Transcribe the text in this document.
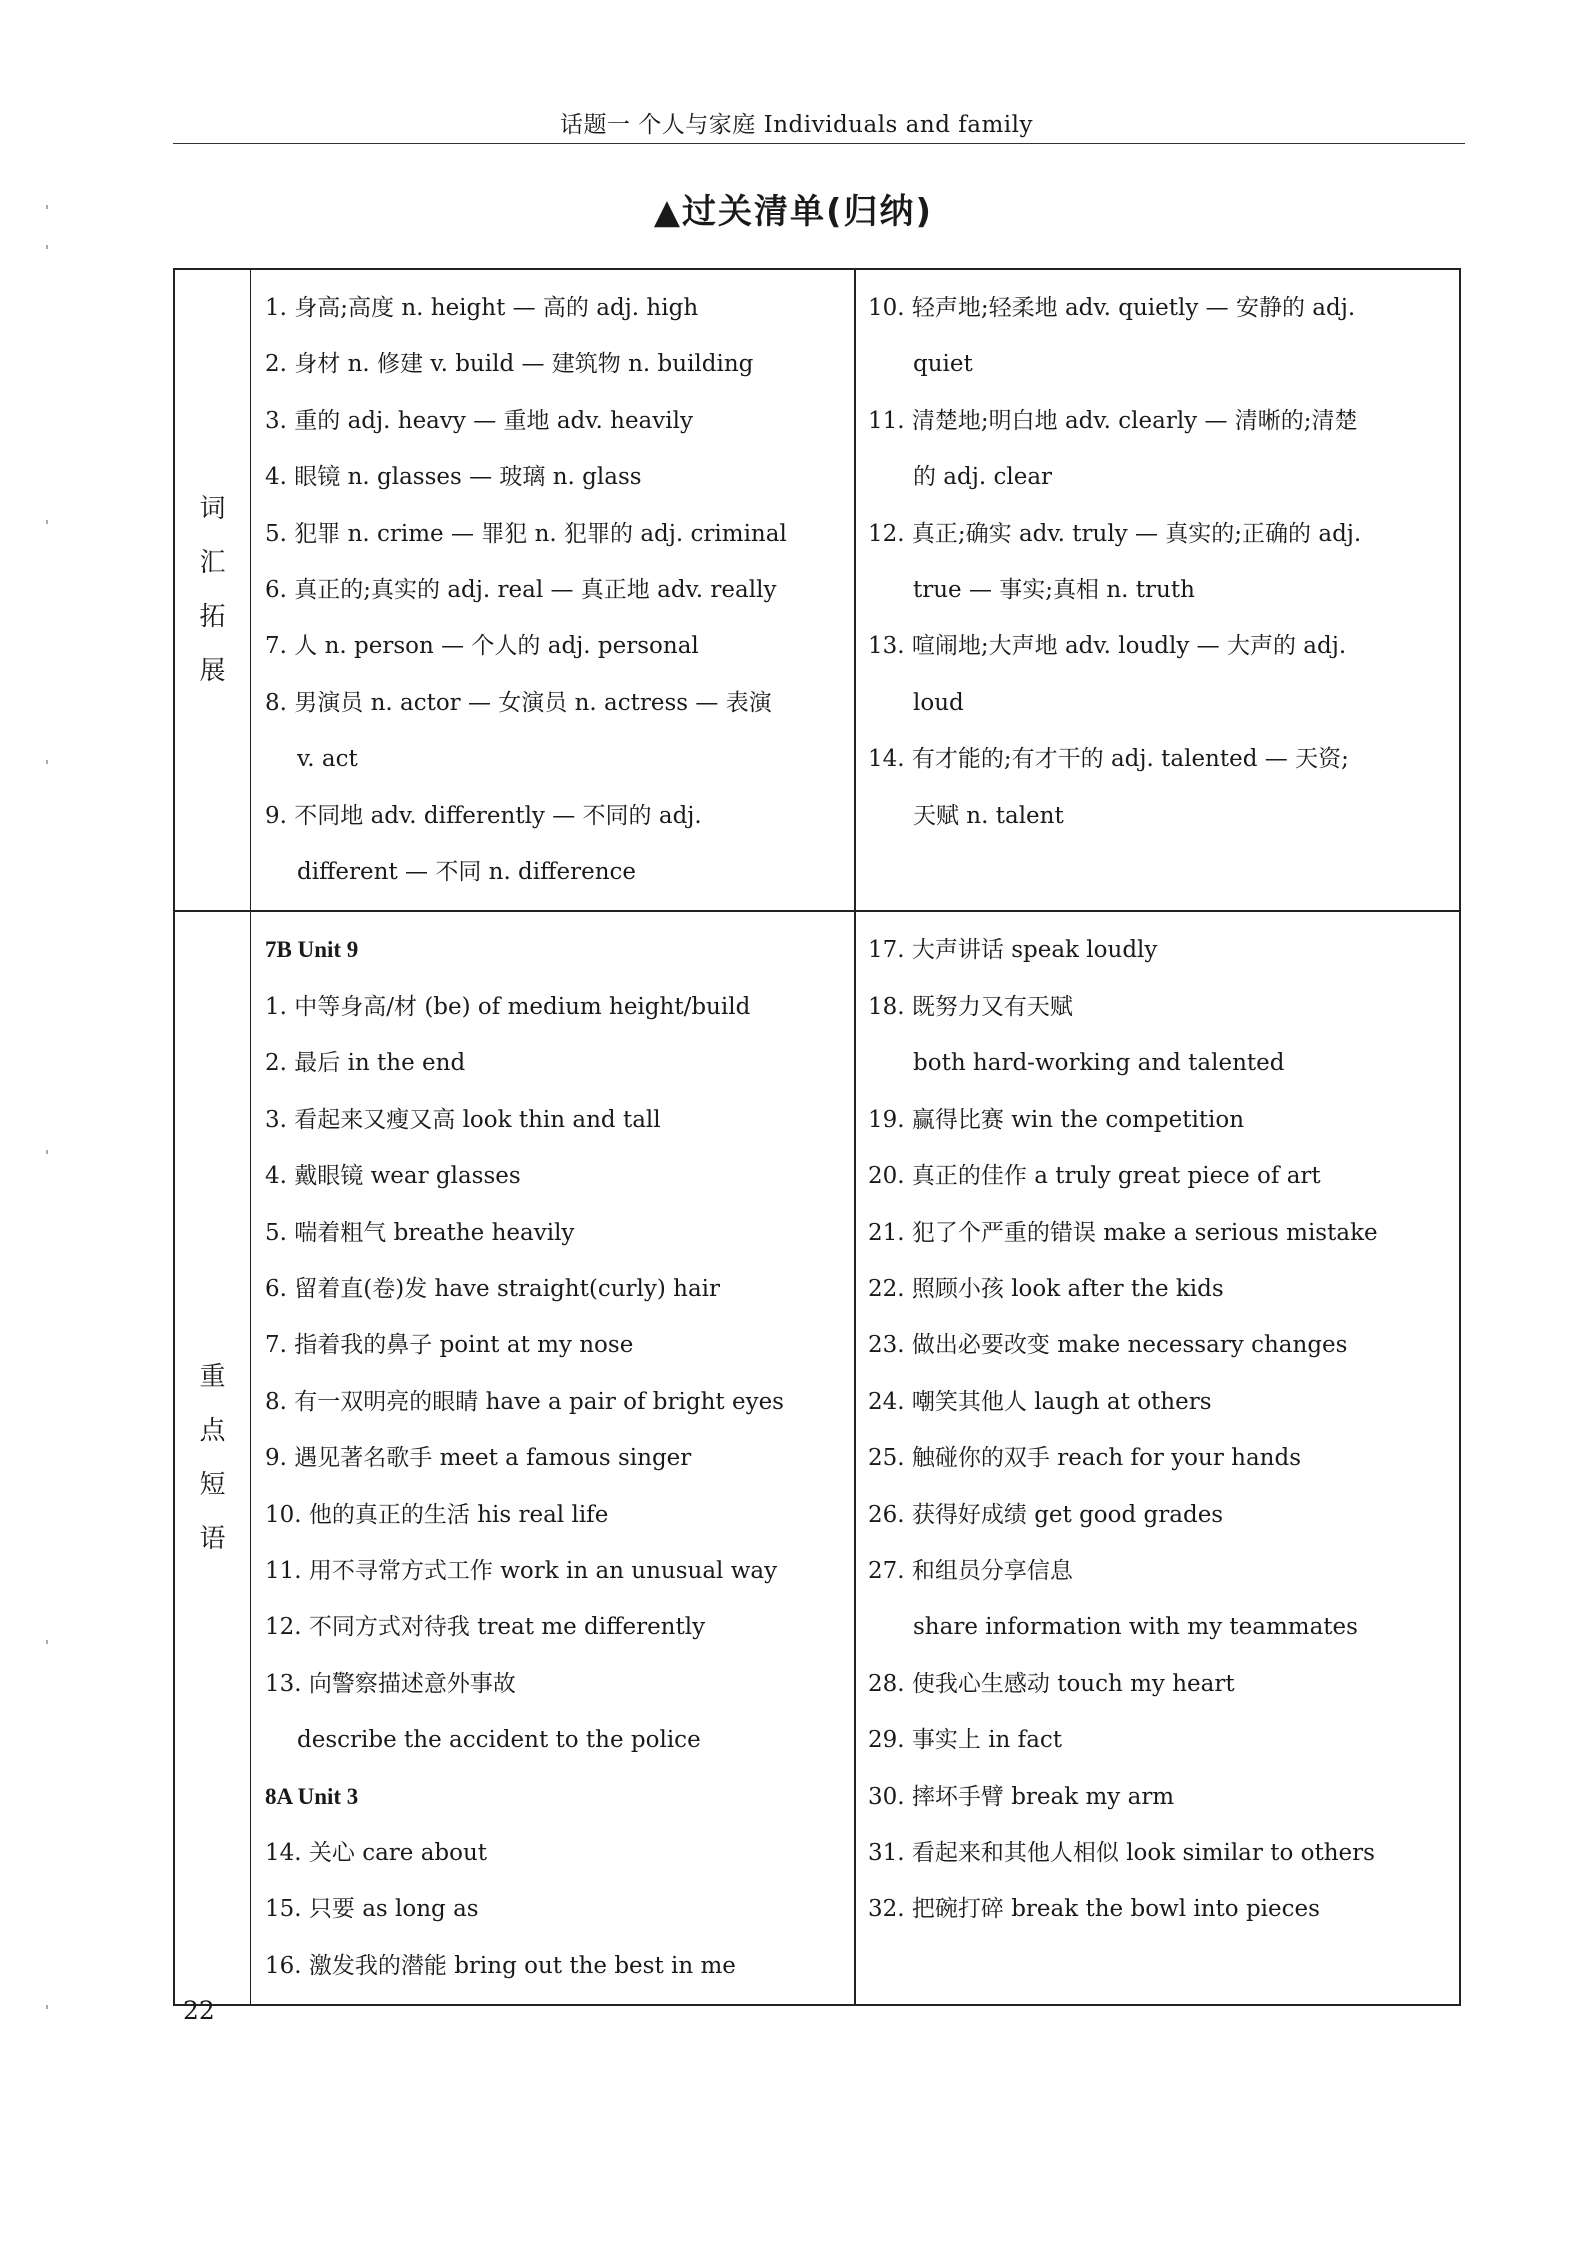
话题一 个人与家庭 Individuals and family
▲过关清单(归纳)
词
汇
拓
展
1. 身高;高度 n. height — 高的 adj. high
2. 身材 n. 修建 v. build — 建筑物 n. building
3. 重的 adj. heavy — 重地 adv. heavily
4. 眼镜 n. glasses — 玻璃 n. glass
5. 犯罪 n. crime — 罪犯 n. 犯罪的 adj. criminal
6. 真正的;真实的 adj. real — 真正地 adv. really
7. 人 n. person — 个人的 adj. personal
8. 男演员 n. actor — 女演员 n. actress — 表演
v. act
9. 不同地 adv. differently — 不同的 adj.
different — 不同 n. difference
10. 轻声地;轻柔地 adv. quietly — 安静的 adj.
quiet
11. 清楚地;明白地 adv. clearly — 清晰的;清楚
的 adj. clear
12. 真正;确实 adv. truly — 真实的;正确的 adj.
true — 事实;真相 n. truth
13. 喧闹地;大声地 adv. loudly — 大声的 adj.
loud
14. 有才能的;有才干的 adj. talented — 天资;
天赋 n. talent
重
点
短
语
7B Unit 9
1. 中等身高/材 (be) of medium height/build
2. 最后 in the end
3. 看起来又瘦又高 look thin and tall
4. 戴眼镜 wear glasses
5. 喘着粗气 breathe heavily
6. 留着直(卷)发 have straight(curly) hair
7. 指着我的鼻子 point at my nose
8. 有一双明亮的眼睛 have a pair of bright eyes
9. 遇见著名歌手 meet a famous singer
10. 他的真正的生活 his real life
11. 用不寻常方式工作 work in an unusual way
12. 不同方式对待我 treat me differently
13. 向警察描述意外事故
describe the accident to the police
8A Unit 3
14. 关心 care about
15. 只要 as long as
16. 激发我的潜能 bring out the best in me
17. 大声讲话 speak loudly
18. 既努力又有天赋
both hard-working and talented
19. 赢得比赛 win the competition
20. 真正的佳作 a truly great piece of art
21. 犯了个严重的错误 make a serious mistake
22. 照顾小孩 look after the kids
23. 做出必要改变 make necessary changes
24. 嘲笑其他人 laugh at others
25. 触碰你的双手 reach for your hands
26. 获得好成绩 get good grades
27. 和组员分享信息
share information with my teammates
28. 使我心生感动 touch my heart
29. 事实上 in fact
30. 摔坏手臂 break my arm
31. 看起来和其他人相似 look similar to others
32. 把碗打碎 break the bowl into pieces
22
